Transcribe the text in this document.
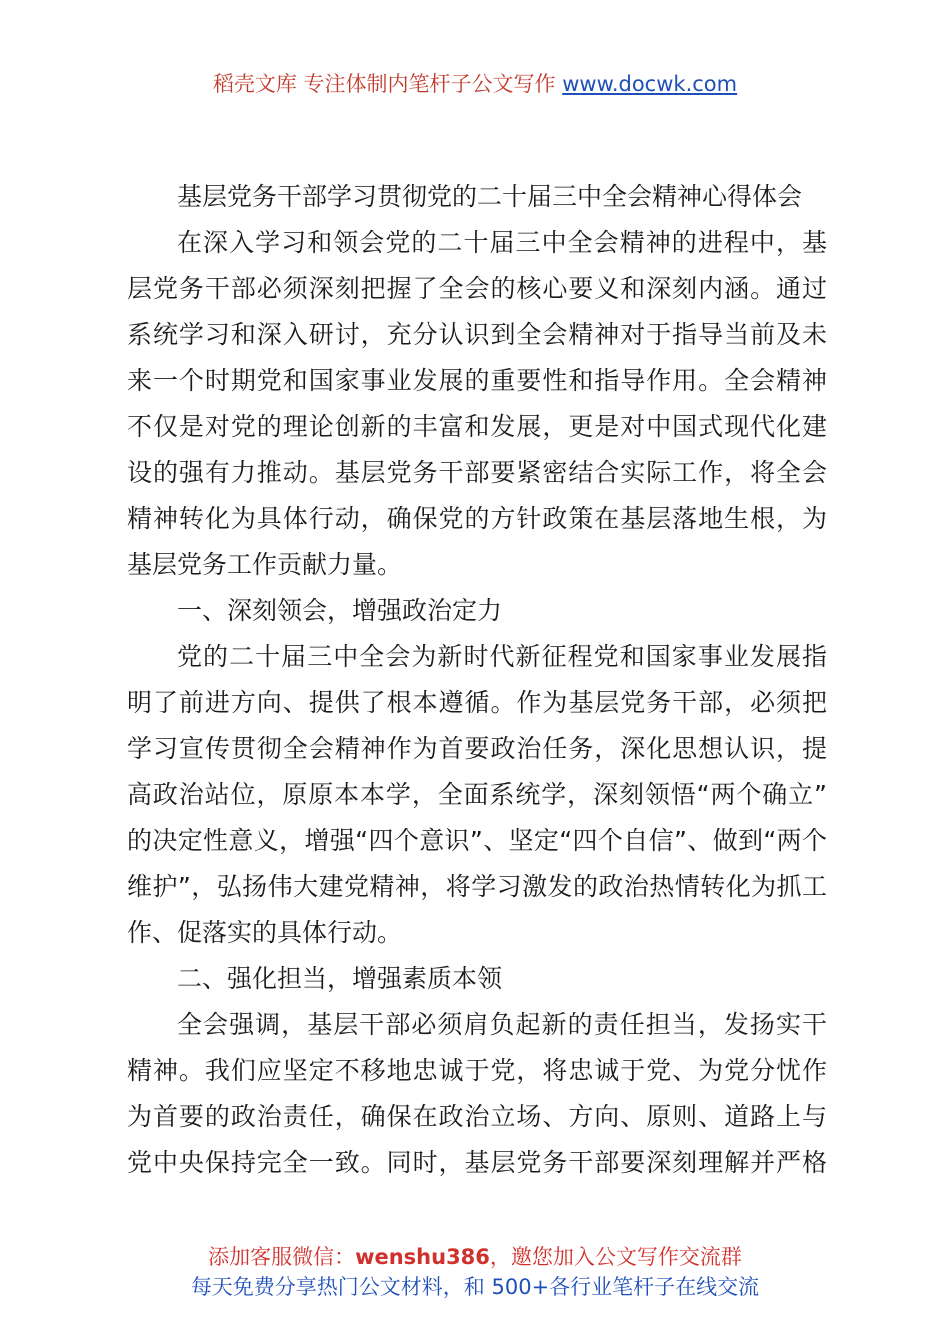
稻壳文库 专注体制内笔杆子公文写作 www.docwk.com
基层党务干部学习贯彻党的二十届三中全会精神心得体会
在深入学习和领会党的二十届三中全会精神的进程中，基
层党务干部必须深刻把握了全会的核心要义和深刻内涵。通过
系统学习和深入研讨，充分认识到全会精神对于指导当前及未
来一个时期党和国家事业发展的重要性和指导作用。全会精神
不仅是对党的理论创新的丰富和发展，更是对中国式现代化建
设的强有力推动。基层党务干部要紧密结合实际工作，将全会
精神转化为具体行动，确保党的方针政策在基层落地生根，为
基层党务工作贡献力量。
一、深刻领会，增强政治定力
党的二十届三中全会为新时代新征程党和国家事业发展指
明了前进方向、提供了根本遵循。作为基层党务干部，必须把
学习宣传贯彻全会精神作为首要政治任务，深化思想认识，提
高政治站位，原原本本学，全面系统学，深刻领悟“两个确立”
的决定性意义，增强“四个意识”、坚定“四个自信”、做到“两个
维护”，弘扬伟大建党精神，将学习激发的政治热情转化为抓工
作、促落实的具体行动。
二、强化担当，增强素质本领
全会强调，基层干部必须肩负起新的责任担当，发扬实干
精神。我们应坚定不移地忠诚于党，将忠诚于党、为党分忧作
为首要的政治责任，确保在政治立场、方向、原则、道路上与
党中央保持完全一致。同时，基层党务干部要深刻理解并严格
添加客服微信：wenshu386，邀您加入公文写作交流群
每天免费分享热门公文材料，和 500+各行业笔杆子在线交流
